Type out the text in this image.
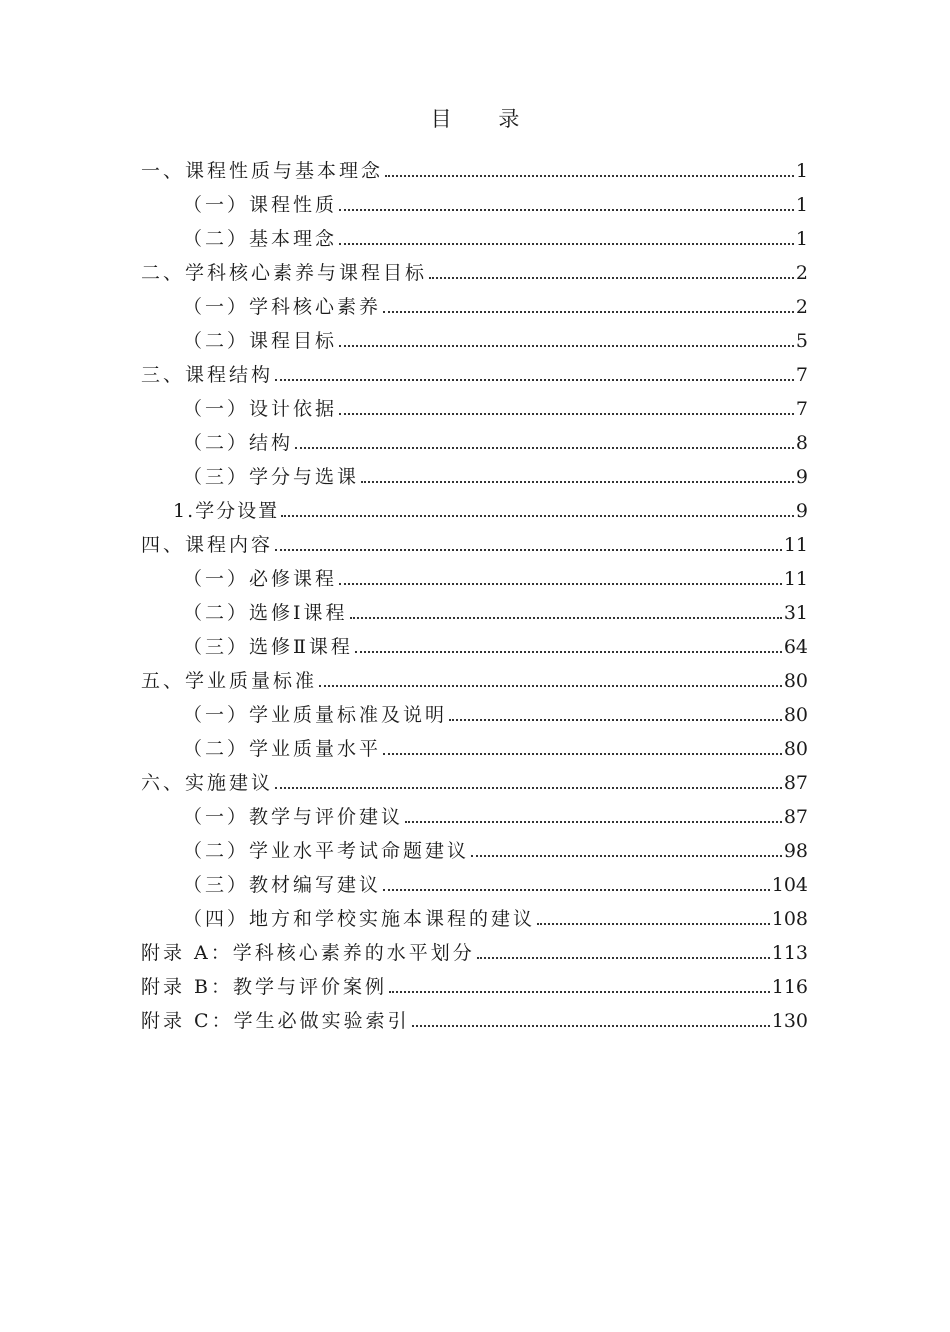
目 录
一、课程性质与基本理念	1
（一）课程性质	1
（二）基本理念	1
二、学科核心素养与课程目标	2
（一）学科核心素养	2
（二）课程目标	5
三、课程结构	7
（一）设计依据	7
（二）结构	8
（三）学分与选课	9
1.学分设置	9
四、课程内容	11
（一）必修课程	11
（二）选修Ⅰ课程	31
（三）选修Ⅱ课程	64
五、学业质量标准	80
（一）学业质量标准及说明	80
（二）学业质量水平	80
六、实施建议	87
（一）教学与评价建议	87
（二）学业水平考试命题建议	98
（三）教材编写建议	104
（四）地方和学校实施本课程的建议	108
附录 A：学科核心素养的水平划分	113
附录 B：教学与评价案例	116
附录 C：学生必做实验索引	130
